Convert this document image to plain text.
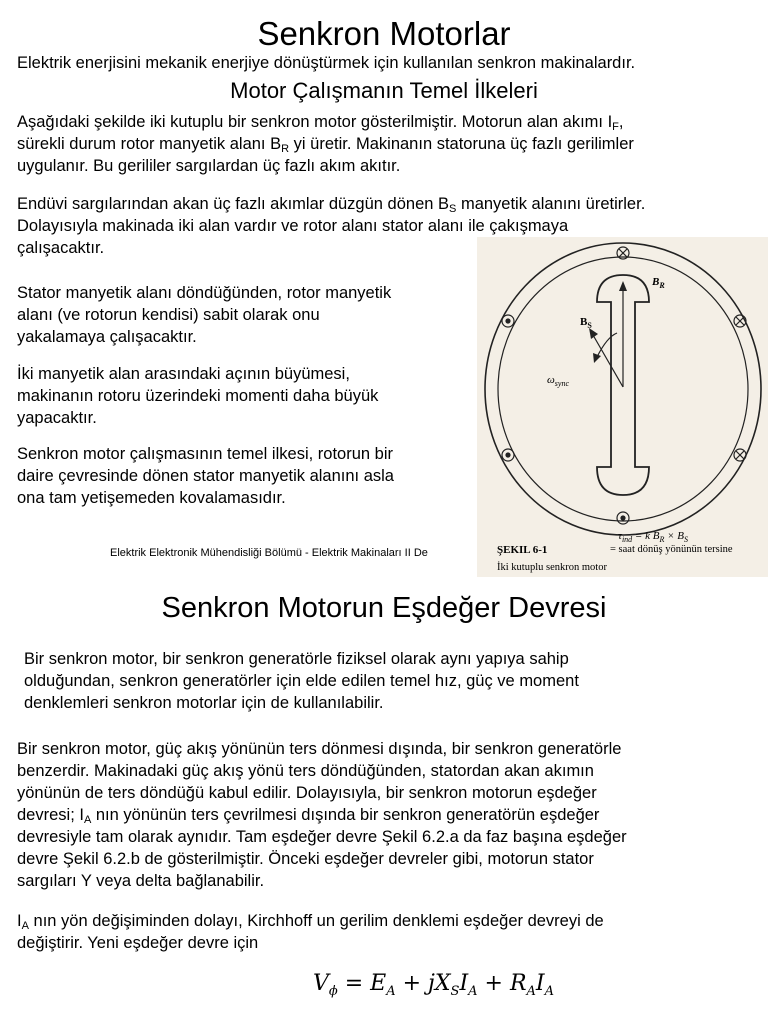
Senkron Motorlar

Elektrik enerjisini mekanik enerjiye dönüştürmek için kullanılan senkron makinalardır.

Motor Çalışmanın Temel İlkeleri

Aşağıdaki şekilde iki kutuplu bir senkron motor gösterilmiştir. Motorun alan akımı $I_F$,

sürekli durum rotor manyetik alanı $B_R$ yi üretir. Makinanın statoruna üç fazlı gerilimler

uygulanır. Bu gerililer sargılardan üç fazlı akım akıtır.

Endüvi sargılarından akan üç fazlı akımlar düzgün dönen $B_S$ manyetik alanını üretirler.

Dolayısıyla makinada iki alan vardır ve rotor alanı stator alanı ile çakışmaya

çalışacaktır.

Stator manyetik alanı döndüğünden, rotor manyetik

alanı (ve rotorun kendisi) sabit olarak onu

yakalamaya çalışacaktır.

İki manyetik alan arasındaki açının büyümesi,

makinanın rotoru üzerindeki momenti daha büyük

yapacaktır.

Senkron motor çalışmasının temel ilkesi, rotorun bir

daire çevresinde dönen stator manyetik alanını asla

ona tam yetişemeden kovalamasıdır.

Elektrik Elektronik Mühendisliği Bölümü - Elektrik Makinaları II De
$B_R$
$B_S$
$\omega_{sync}$
$\tau_{ind} = k$ $B_R \times B_S$
= saat dönüş yönünün tersine
ŞEKIL 6-1
İki kutuplu senkron motor
Senkron Motorun Eşdeğer Devresi

Bir senkron motor, bir senkron generatörle fiziksel olarak aynı yapıya sahip

olduğundan, senkron generatörler için elde edilen temel hız, güç ve moment

denklemleri senkron motorlar için de kullanılabilir.

Bir senkron motor, güç akış yönünün ters dönmesi dışında, bir senkron generatörle

benzerdir. Makinadaki güç akış yönü ters döndüğünden, statordan akan akımın

yönünün de ters döndüğü kabul edilir. Dolayısıyla, bir senkron motorun eşdeğer

devresi; $I_A$ nın yönünün ters çevrilmesi dışında bir senkron generatörün eşdeğer

devresiyle tam olarak aynıdır. Tam eşdeğer devre Şekil 6.2.a da faz başına eşdeğer

devre Şekil 6.2.b de gösterilmiştir. Önceki eşdeğer devreler gibi, motorun stator

sargıları Y veya delta bağlanabilir.

$I_A$ nın yön değişiminden dolayı, Kirchhoff un gerilim denklemi eşdeğer devreyi de

değiştirir. Yeni eşdeğer devre için

$V_\phi = E_A + jX_SI_A + R_AI_A$
